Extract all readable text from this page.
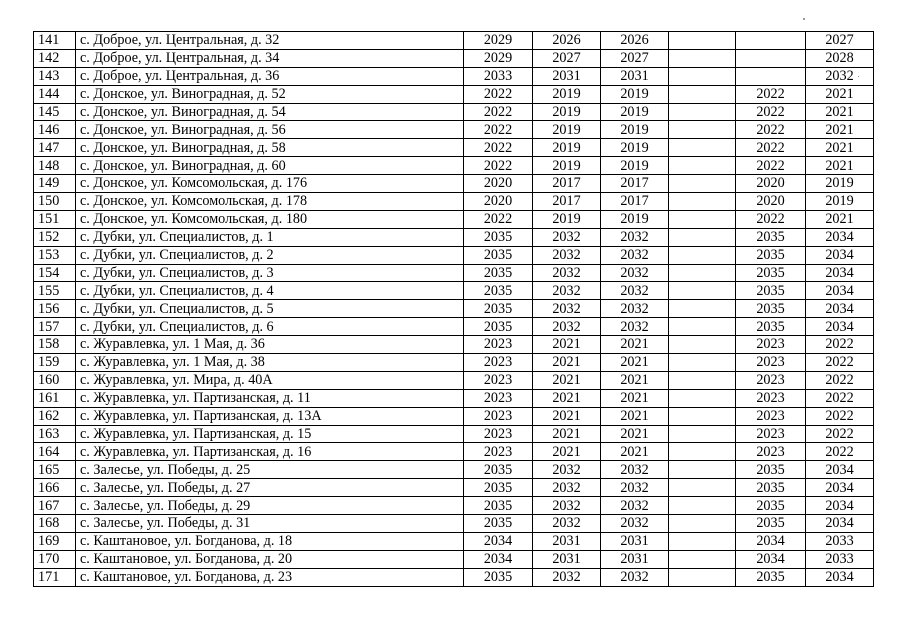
141	с. Доброе, ул. Центральная, д. 32	2029	2026	2026			2027
142	с. Доброе, ул. Центральная, д. 34	2029	2027	2027			2028
143	с. Доброе, ул. Центральная, д. 36	2033	2031	2031			2032
144	с. Донское, ул. Виноградная, д. 52	2022	2019	2019		2022	2021
145	с. Донское, ул. Виноградная, д. 54	2022	2019	2019		2022	2021
146	с. Донское, ул. Виноградная, д. 56	2022	2019	2019		2022	2021
147	с. Донское, ул. Виноградная, д. 58	2022	2019	2019		2022	2021
148	с. Донское, ул. Виноградная, д. 60	2022	2019	2019		2022	2021
149	с. Донское, ул. Комсомольская, д. 176	2020	2017	2017		2020	2019
150	с. Донское, ул. Комсомольская, д. 178	2020	2017	2017		2020	2019
151	с. Донское, ул. Комсомольская, д. 180	2022	2019	2019		2022	2021
152	с. Дубки, ул. Специалистов, д. 1	2035	2032	2032		2035	2034
153	с. Дубки, ул. Специалистов, д. 2	2035	2032	2032		2035	2034
154	с. Дубки, ул. Специалистов, д. 3	2035	2032	2032		2035	2034
155	с. Дубки, ул. Специалистов, д. 4	2035	2032	2032		2035	2034
156	с. Дубки, ул. Специалистов, д. 5	2035	2032	2032		2035	2034
157	с. Дубки, ул. Специалистов, д. 6	2035	2032	2032		2035	2034
158	с. Журавлевка, ул. 1 Мая, д. 36	2023	2021	2021		2023	2022
159	с. Журавлевка, ул. 1 Мая, д. 38	2023	2021	2021		2023	2022
160	с. Журавлевка, ул. Мира, д. 40А	2023	2021	2021		2023	2022
161	с. Журавлевка, ул. Партизанская, д. 11	2023	2021	2021		2023	2022
162	с. Журавлевка, ул. Партизанская, д. 13А	2023	2021	2021		2023	2022
163	с. Журавлевка, ул. Партизанская, д. 15	2023	2021	2021		2023	2022
164	с. Журавлевка, ул. Партизанская, д. 16	2023	2021	2021		2023	2022
165	с. Залесье, ул. Победы, д. 25	2035	2032	2032		2035	2034
166	с. Залесье, ул. Победы, д. 27	2035	2032	2032		2035	2034
167	с. Залесье, ул. Победы, д. 29	2035	2032	2032		2035	2034
168	с. Залесье, ул. Победы, д. 31	2035	2032	2032		2035	2034
169	с. Каштановое, ул. Богданова, д. 18	2034	2031	2031		2034	2033
170	с. Каштановое, ул. Богданова, д. 20	2034	2031	2031		2034	2033
171	с. Каштановое, ул. Богданова, д. 23	2035	2032	2032		2035	2034
